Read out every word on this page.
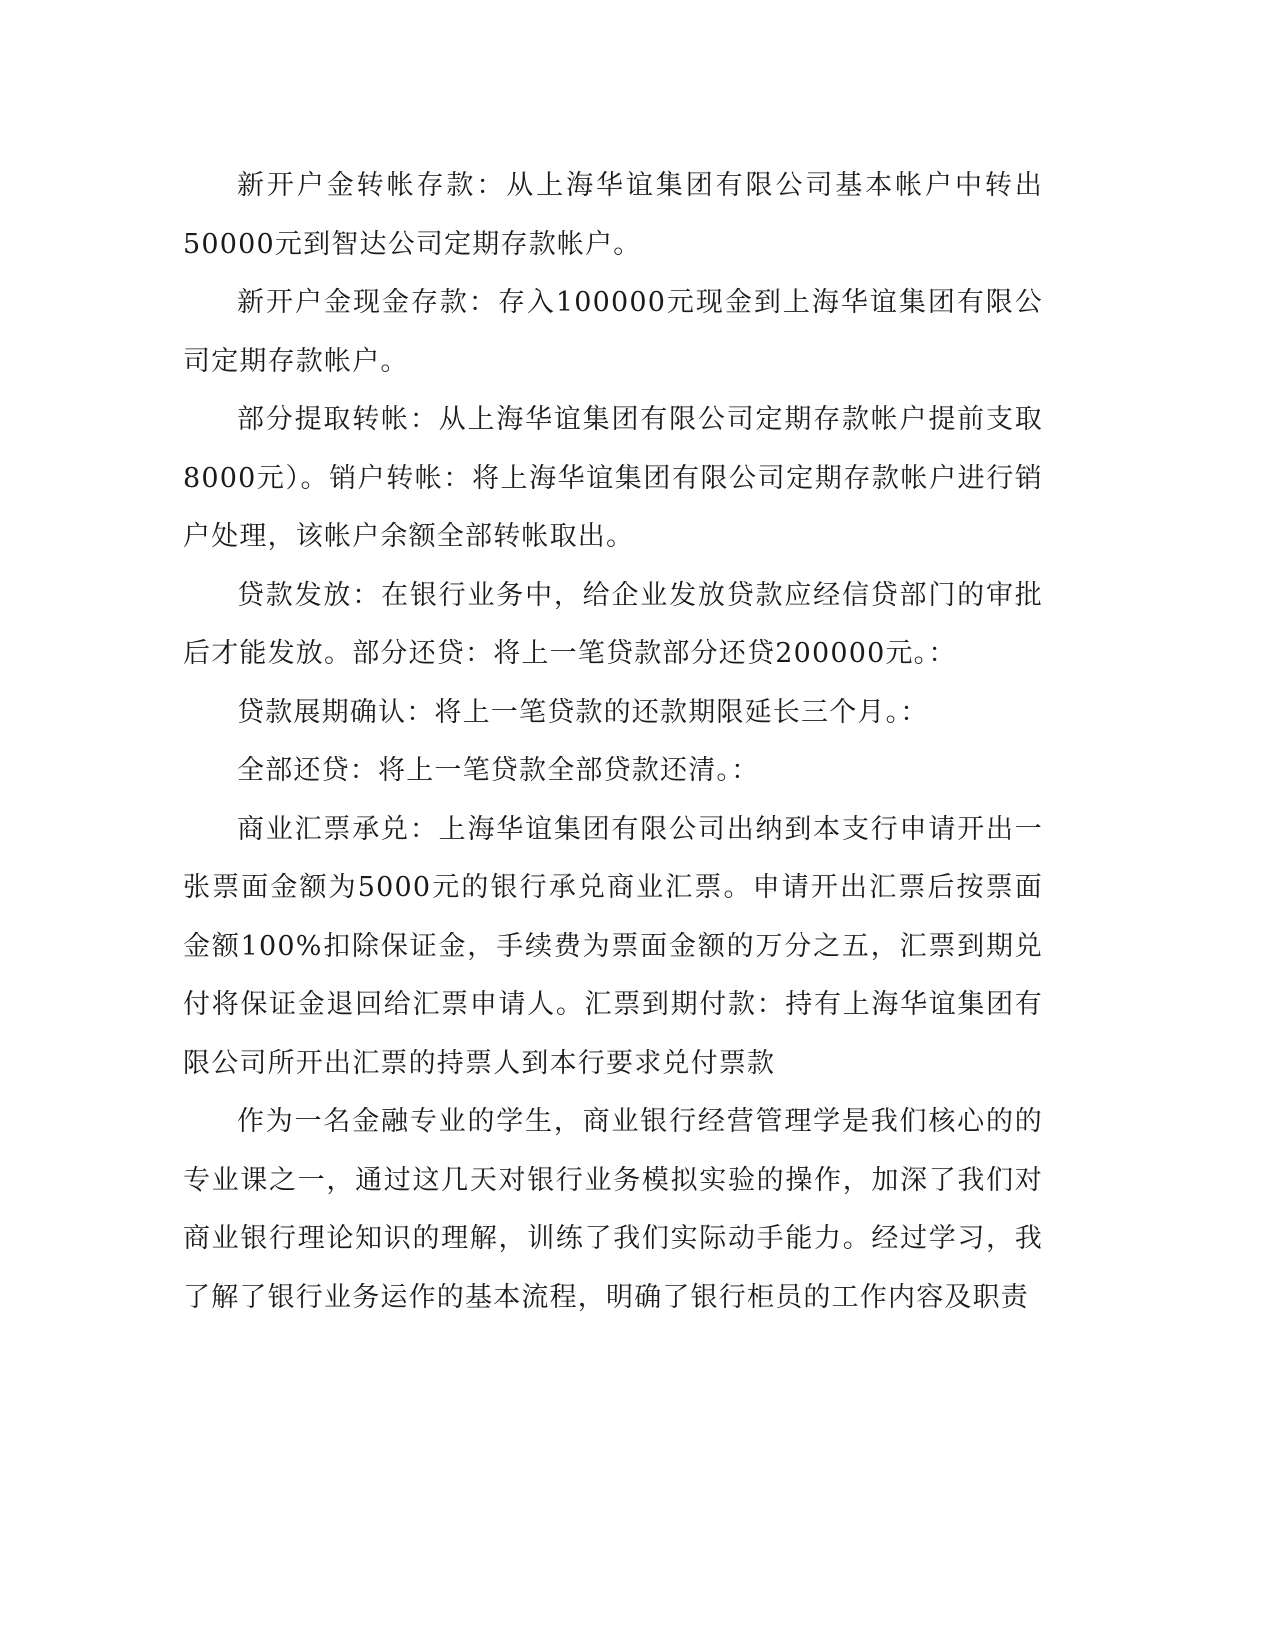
新开户金转帐存款：从上海华谊集团有限公司基本帐户中转出50000元到智达公司定期存款帐户。

新开户金现金存款：存入100000元现金到上海华谊集团有限公司定期存款帐户。

部分提取转帐：从上海华谊集团有限公司定期存款帐户提前支取8000元）。销户转帐：将上海华谊集团有限公司定期存款帐户进行销户处理，该帐户余额全部转帐取出。

贷款发放：在银行业务中，给企业发放贷款应经信贷部门的审批后才能发放。部分还贷：将上一笔贷款部分还贷200000元。：

贷款展期确认：将上一笔贷款的还款期限延长三个月。：

全部还贷：将上一笔贷款全部贷款还清。：

商业汇票承兑：上海华谊集团有限公司出纳到本支行申请开出一张票面金额为5000元的银行承兑商业汇票。申请开出汇票后按票面金额100%扣除保证金，手续费为票面金额的万分之五，汇票到期兑付将保证金退回给汇票申请人。汇票到期付款：持有上海华谊集团有限公司所开出汇票的持票人到本行要求兑付票款

作为一名金融专业的学生，商业银行经营管理学是我们核心的的专业课之一，通过这几天对银行业务模拟实验的操作，加深了我们对商业银行理论知识的理解，训练了我们实际动手能力。经过学习，我了解了银行业务运作的基本流程，明确了银行柜员的工作内容及职责
